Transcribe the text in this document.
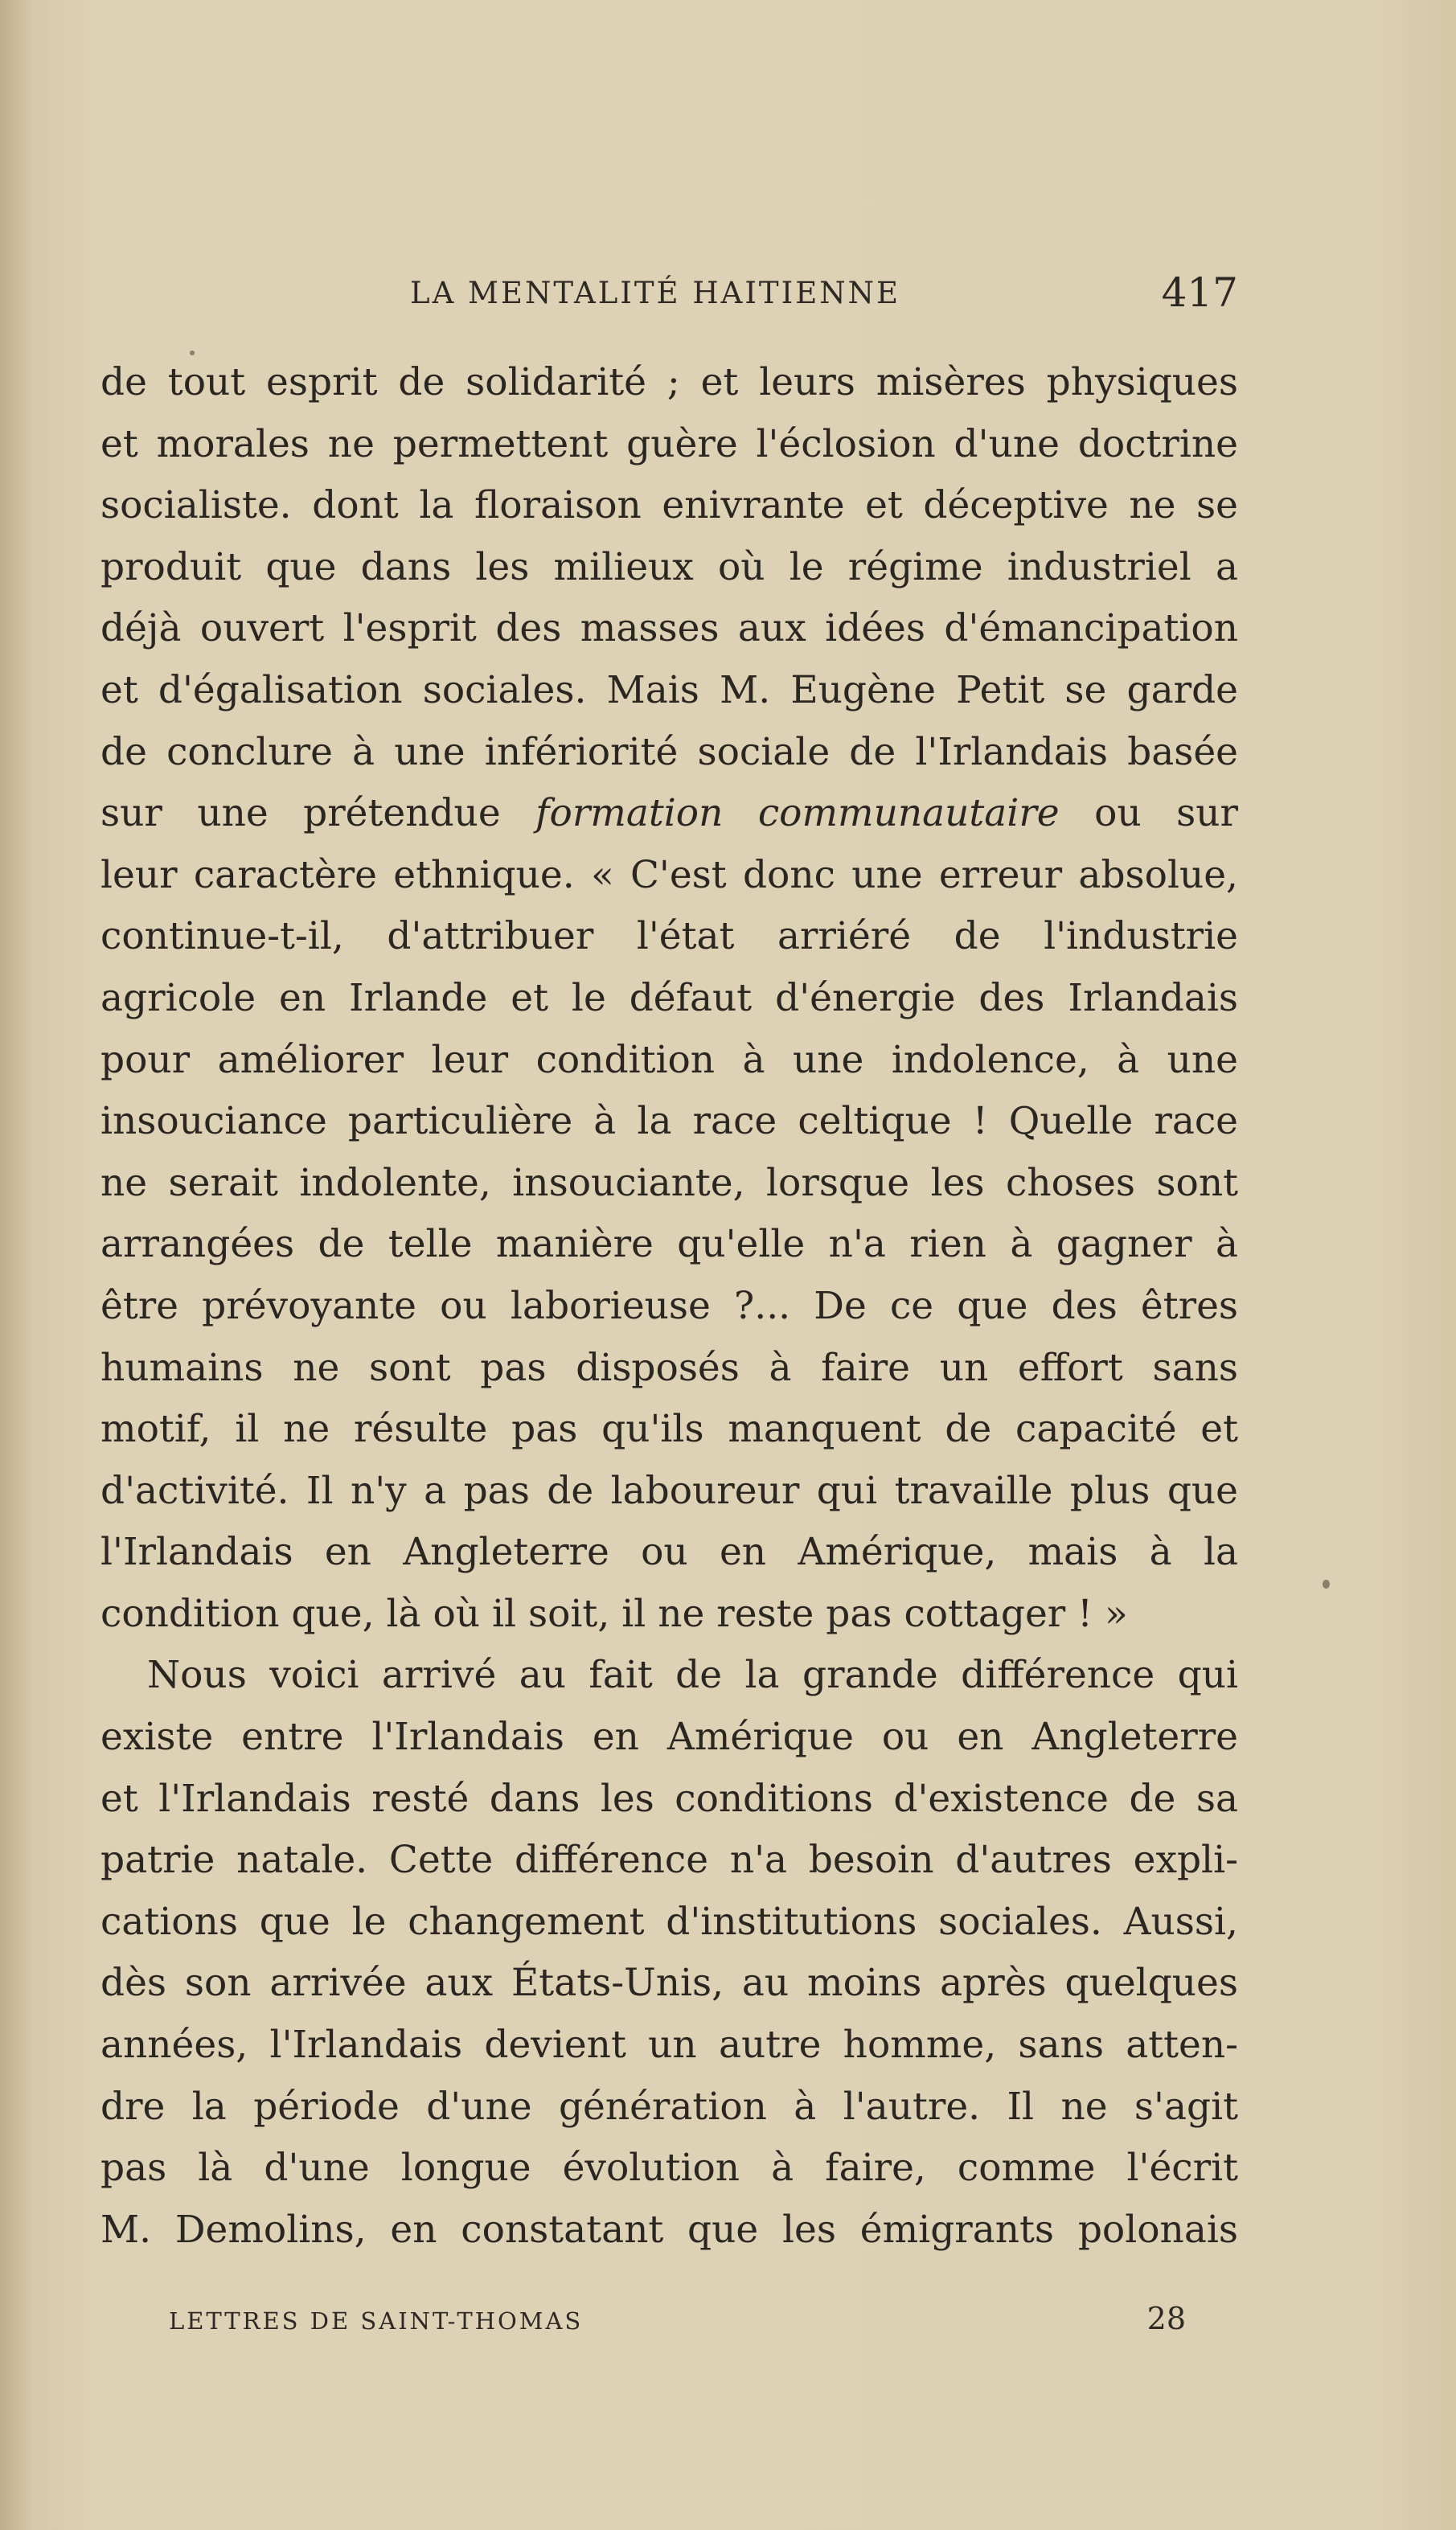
LA MENTALITÉ HAITIENNE	417
de tout esprit de solidarité ; et leurs misères physiques
et morales ne permettent guère l'éclosion d'une doctrine
socialiste. dont la floraison enivrante et déceptive ne se
produit que dans les milieux où le régime industriel a
déjà ouvert l'esprit des masses aux idées d'émancipation
et d'égalisation sociales. Mais M. Eugène Petit se garde
de conclure à une infériorité sociale de l'Irlandais basée
sur une prétendue formation communautaire ou sur
leur caractère ethnique. « C'est donc une erreur absolue,
continue-t-il, d'attribuer l'état arriéré de l'industrie
agricole en Irlande et le défaut d'énergie des Irlandais
pour améliorer leur condition à une indolence, à une
insouciance particulière à la race celtique ! Quelle race
ne serait indolente, insouciante, lorsque les choses sont
arrangées de telle manière qu'elle n'a rien à gagner à
être prévoyante ou laborieuse ?... De ce que des êtres
humains ne sont pas disposés à faire un effort sans
motif, il ne résulte pas qu'ils manquent de capacité et
d'activité. Il n'y a pas de laboureur qui travaille plus que
l'Irlandais en Angleterre ou en Amérique, mais à la
condition que, là où il soit, il ne reste pas cottager ! »
Nous voici arrivé au fait de la grande différence qui
existe entre l'Irlandais en Amérique ou en Angleterre
et l'Irlandais resté dans les conditions d'existence de sa
patrie natale. Cette différence n'a besoin d'autres expli-
cations que le changement d'institutions sociales. Aussi,
dès son arrivée aux États-Unis, au moins après quelques
années, l'Irlandais devient un autre homme, sans atten-
dre la période d'une génération à l'autre. Il ne s'agit
pas là d'une longue évolution à faire, comme l'écrit
M. Demolins, en constatant que les émigrants polonais
LETTRES DE SAINT-THOMAS	28
